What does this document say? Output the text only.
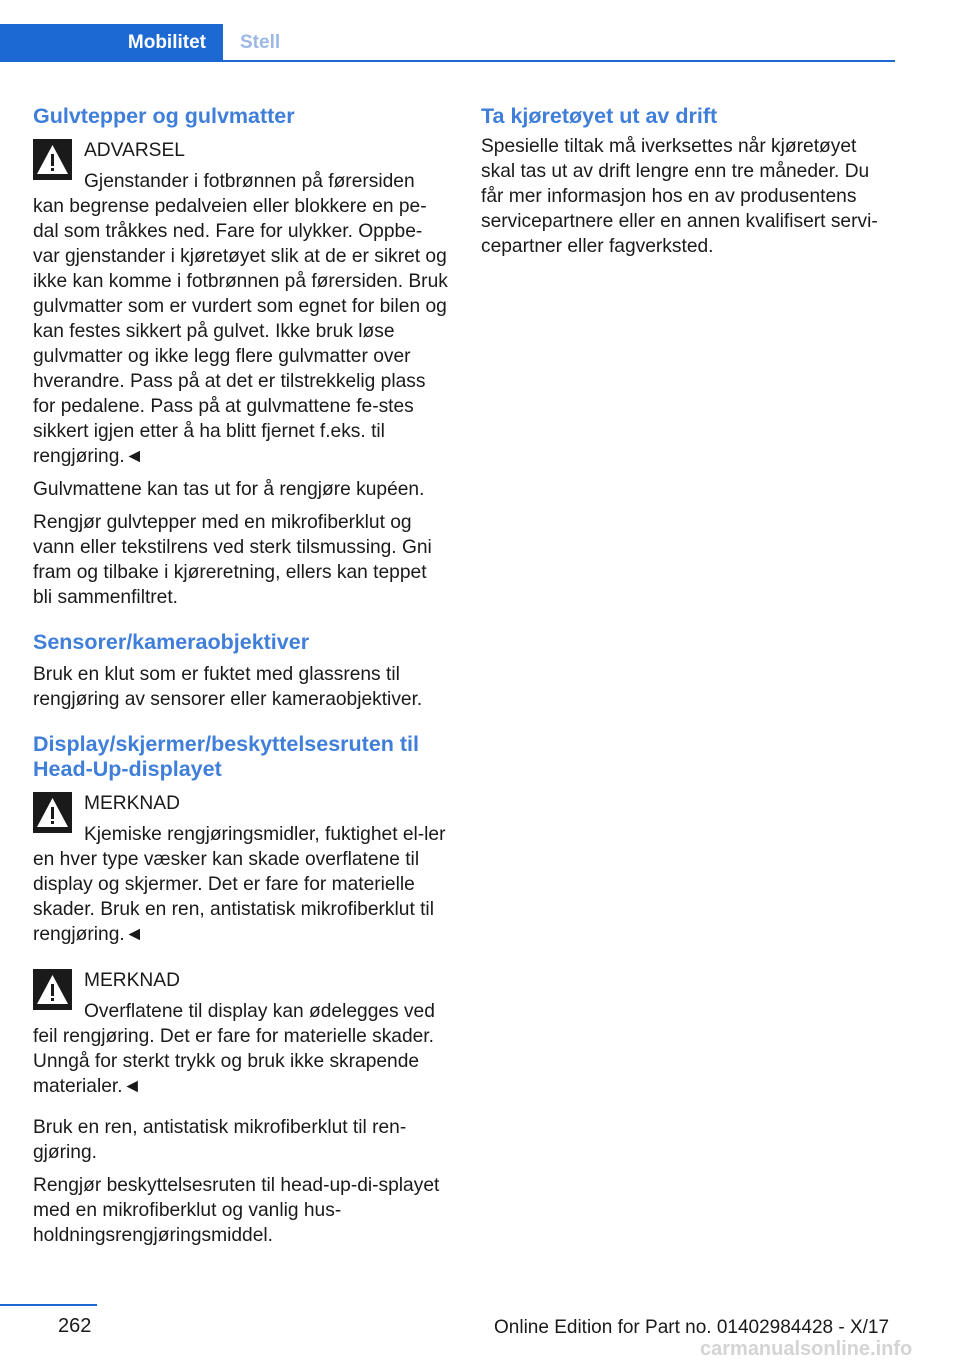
Mobilitet Stell
Gulvtepper og gulvmatter
ADVARSEL
Gjenstander i fotbrønnen på førersiden kan begrense pedalveien eller blokkere en pe-dal som tråkkes ned. Fare for ulykker. Oppbe-var gjenstander i kjøretøyet slik at de er sikret og ikke kan komme i fotbrønnen på førersiden. Bruk gulvmatter som er vurdert som egnet for bilen og kan festes sikkert på gulvet. Ikke bruk løse gulvmatter og ikke legg flere gulvmatter over hverandre. Pass på at det er tilstrekkelig plass for pedalene. Pass på at gulvmattene fe-stes sikkert igjen etter å ha blitt fjernet f.eks. til rengjøring.◄

Gulvmattene kan tas ut for å rengjøre kupéen.

Rengjør gulvtepper med en mikrofiberklut og vann eller tekstilrens ved sterk tilsmussing. Gni fram og tilbake i kjøreretning, ellers kan teppet bli sammenfiltret.

Sensorer/kameraobjektiver

Bruk en klut som er fuktet med glassrens til rengjøring av sensorer eller kameraobjektiver.

Display/skjermer/beskyttelsesruten til Head-Up-displayet
MERKNAD
Kjemiske rengjøringsmidler, fuktighet el-ler en hver type væsker kan skade overflatene til display og skjermer. Det er fare for materielle skader. Bruk en ren, antistatisk mikrofiberklut til rengjøring.◄
MERKNAD
Overflatene til display kan ødelegges ved feil rengjøring. Det er fare for materielle skader. Unngå for sterkt trykk og bruk ikke skrapende materialer.◄

Bruk en ren, antistatisk mikrofiberklut til ren-gjøring.

Rengjør beskyttelsesruten til head-up-di-splayet med en mikrofiberklut og vanlig hus-holdningsrengjøringsmiddel.

Ta kjøretøyet ut av drift

Spesielle tiltak må iverksettes når kjøretøyet skal tas ut av drift lengre enn tre måneder. Du får mer informasjon hos en av produsentens servicepartnere eller en annen kvalifisert servi-cepartner eller fagverksted.

262	Online Edition for Part no. 01402984428 - X/17
carmanualsonline.info
